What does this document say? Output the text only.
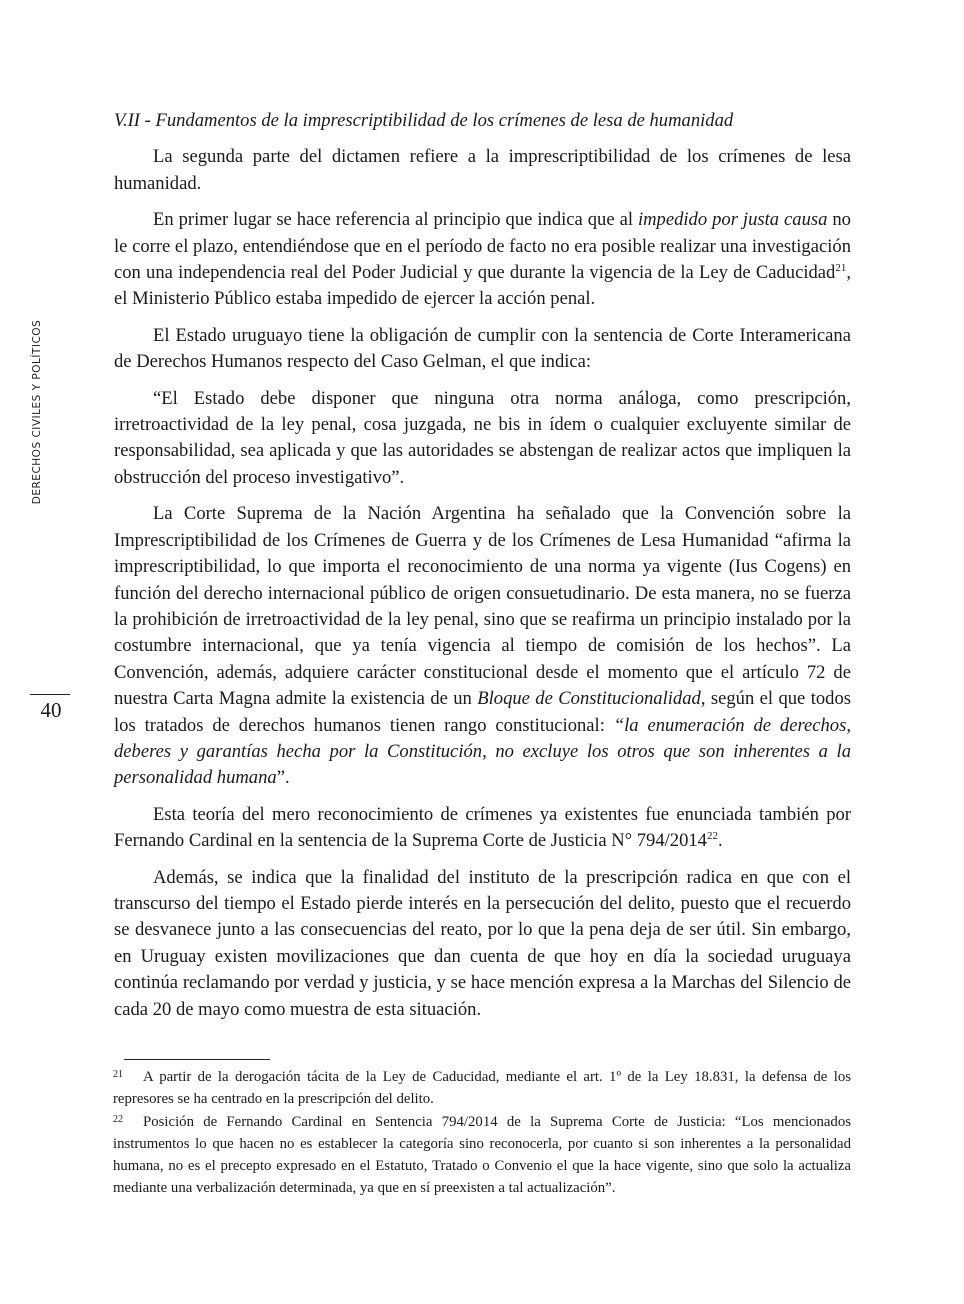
DERECHOS CIVILES Y POLÍTICOS
40

V.II - Fundamentos de la imprescriptibilidad de los crímenes de lesa de humanidad

La segunda parte del dictamen refiere a la imprescriptibilidad de los crímenes de lesa humanidad.

En primer lugar se hace referencia al principio que indica que al impedido por justa causa no le corre el plazo, entendiéndose que en el período de facto no era posible realizar una investigación con una independencia real del Poder Judicial y que durante la vigencia de la Ley de Caducidad$^{21}$, el Ministerio Público estaba impedido de ejercer la acción penal.

El Estado uruguayo tiene la obligación de cumplir con la sentencia de Corte Interamericana de Derechos Humanos respecto del Caso Gelman, el que indica:

“El Estado debe disponer que ninguna otra norma análoga, como prescripción, irretroactividad de la ley penal, cosa juzgada, ne bis in ídem o cualquier excluyente similar de responsabilidad, sea aplicada y que las autoridades se abstengan de realizar actos que impliquen la obstrucción del proceso investigativo”.

La Corte Suprema de la Nación Argentina ha señalado que la Convención sobre la Imprescriptibilidad de los Crímenes de Guerra y de los Crímenes de Lesa Humanidad “afirma la imprescriptibilidad, lo que importa el reconocimiento de una norma ya vigente (Ius Cogens) en función del derecho internacional público de origen consuetudinario. De esta manera, no se fuerza la prohibición de irretroactividad de la ley penal, sino que se reafirma un principio instalado por la costumbre internacional, que ya tenía vigencia al tiempo de comisión de los hechos”. La Convención, además, adquiere carácter constitucional desde el momento que el artículo 72 de nuestra Carta Magna admite la existencia de un Bloque de Constitucionalidad, según el que todos los tratados de derechos humanos tienen rango constitucional: “la enumeración de derechos, deberes y garantías hecha por la Constitución, no excluye los otros que son inherentes a la personalidad humana”.

Esta teoría del mero reconocimiento de crímenes ya existentes fue enunciada también por Fernando Cardinal en la sentencia de la Suprema Corte de Justicia N° 794/2014$^{22}$.

Además, se indica que la finalidad del instituto de la prescripción radica en que con el transcurso del tiempo el Estado pierde interés en la persecución del delito, puesto que el recuerdo se desvanece junto a las consecuencias del reato, por lo que la pena deja de ser útil. Sin embargo, en Uruguay existen movilizaciones que dan cuenta de que hoy en día la sociedad uruguaya continúa reclamando por verdad y justicia, y se hace mención expresa a la Marchas del Silencio de cada 20 de mayo como muestra de esta situación.

21 A partir de la derogación tácita de la Ley de Caducidad, mediante el art. 1º de la Ley 18.831, la defensa de los represores se ha centrado en la prescripción del delito.

22 Posición de Fernando Cardinal en Sentencia 794/2014 de la Suprema Corte de Justicia: “Los mencionados instrumentos lo que hacen no es establecer la categoría sino reconocerla, por cuanto si son inherentes a la personalidad humana, no es el precepto expresado en el Estatuto, Tratado o Convenio el que la hace vigente, sino que solo la actualiza mediante una verbalización determinada, ya que en sí preexisten a tal actualización”.
